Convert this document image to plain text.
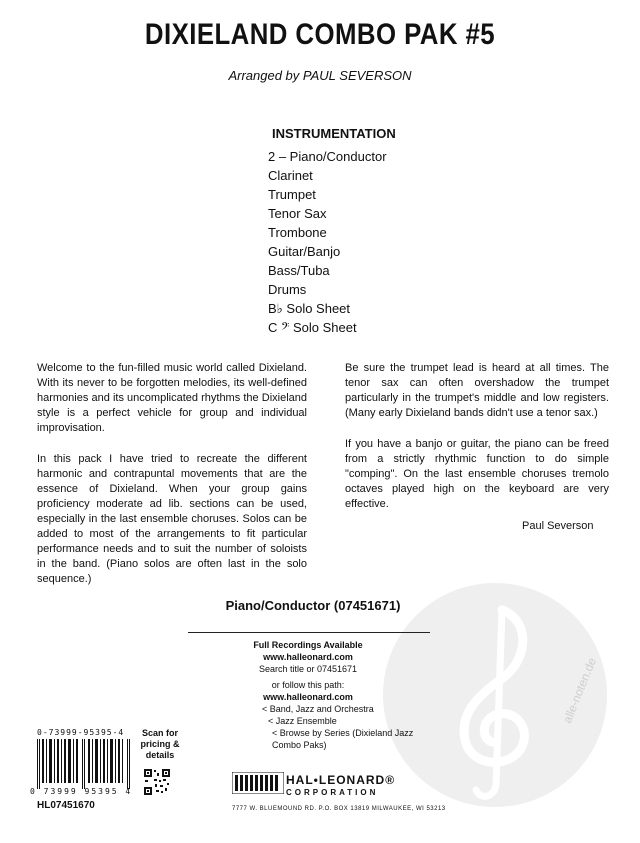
alle-noten.de
DIXIELAND COMBO PAK #5
Arranged by PAUL SEVERSON
INSTRUMENTATION
2 – Piano/Conductor
Clarinet
Trumpet
Tenor Sax
Trombone
Guitar/Banjo
Bass/Tuba
Drums
B♭ Solo Sheet
C 𝄢 Solo Sheet

Welcome to the fun-filled music world called Dixieland. With its never to be forgotten melodies, its well-defined harmonies and its uncomplicated rhythms the Dixieland style is a perfect vehicle for group and individual improvisation.

In this pack I have tried to recreate the different harmonic and contrapuntal movements that are the essence of Dixieland. When your group gains proficiency moderate ad lib. sections can be used, especially in the last ensemble choruses. Solos can be added to most of the arrangements to fit particular performance needs and to suit the number of soloists in the band. (Piano solos are often last in the solo sequence.)

Be sure the trumpet lead is heard at all times. The tenor sax can often overshadow the trumpet particularly in the trumpet's middle and low registers. (Many early Dixieland bands didn't use a tenor sax.)

If you have a banjo or guitar, the piano can be freed from a strictly rhythmic function to do simple "comping". On the last ensemble choruses tremolo octaves played high on the keyboard are very effective.

Paul Severson
Piano/Conductor (07451671)
Full Recordings Available
www.halleonard.com
Search title or 07451671
or follow this path:
www.halleonard.com
< Band, Jazz and Orchestra
< Jazz Ensemble
< Browse by Series (Dixieland Jazz Combo Paks)
0-73999-95395-4
0 73999 95395 4
HL07451670
Scan for pricing & details
HAL•LEONARD®
CORPORATION
7777 W. BLUEMOUND RD. P.O. BOX 13819 MILWAUKEE, WI 53213
